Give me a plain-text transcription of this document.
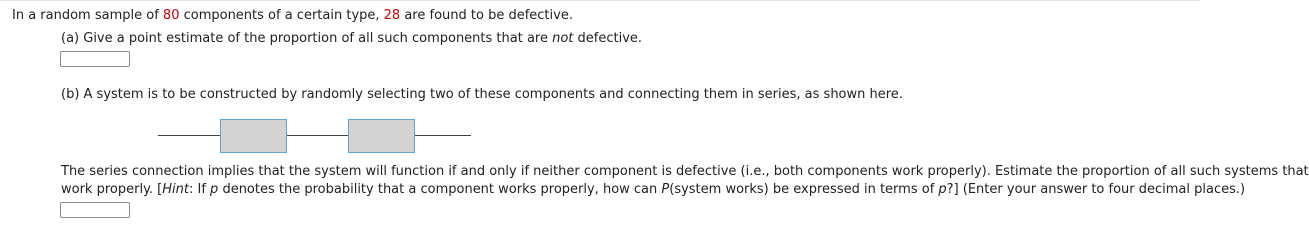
In a random sample of 80 components of a certain type, 28 are found to be defective.
(a) Give a point estimate of the proportion of all such components that are not defective.
(b) A system is to be constructed by randomly selecting two of these components and connecting them in series, as shown here.
The series connection implies that the system will function if and only if neither component is defective (i.e., both components work properly). Estimate the proportion of all such systems that
work properly. [Hint: If p denotes the probability that a component works properly, how can P(system works) be expressed in terms of p?] (Enter your answer to four decimal places.)
